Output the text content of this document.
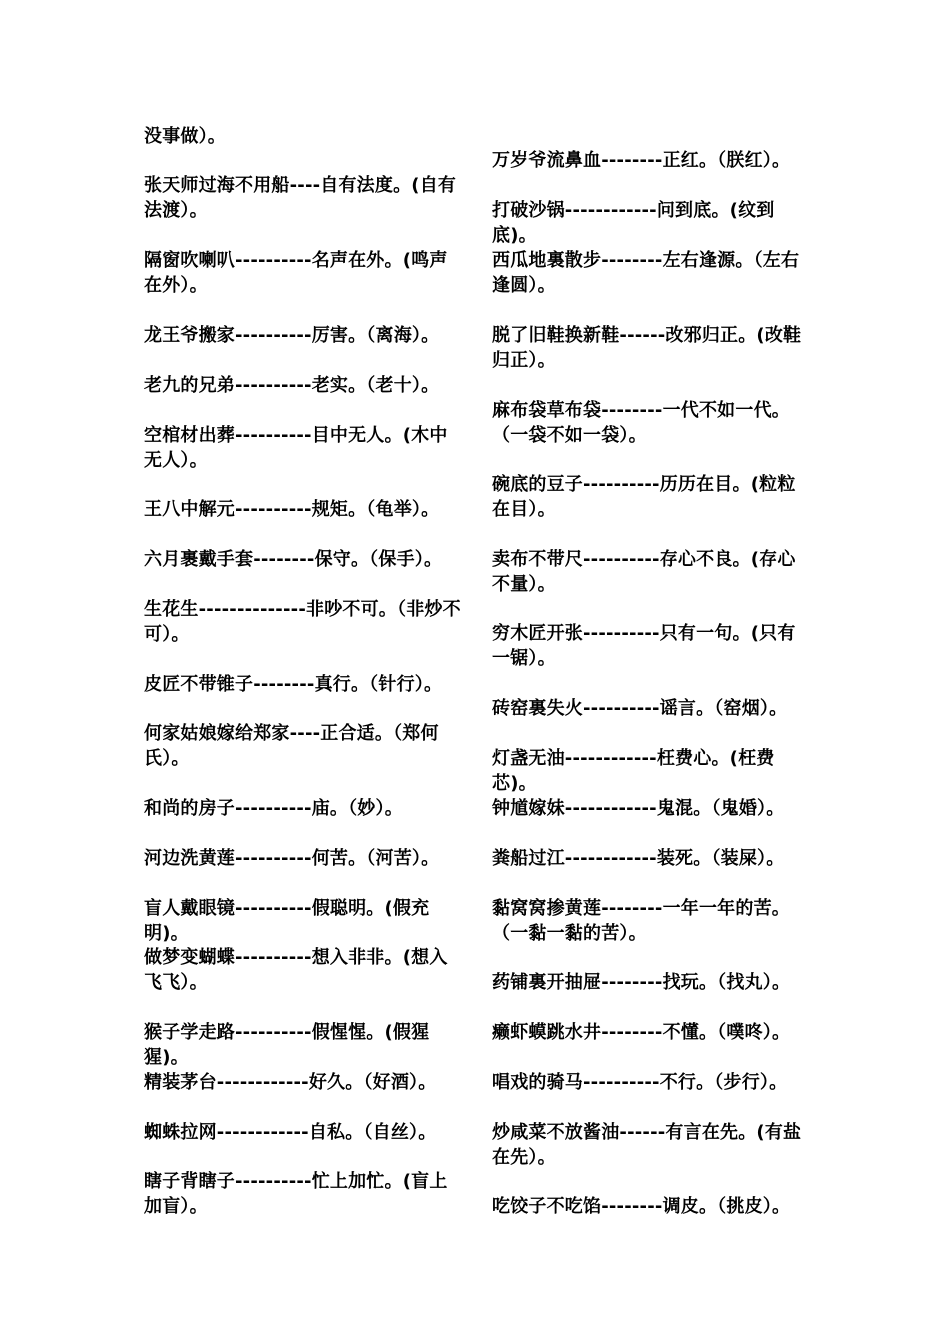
没事做）。

张天师过海不用船----自有法度。(自有法渡）。

隔窗吹喇叭----------名声在外。(鸣声在外）。

龙王爷搬家----------厉害。（离海）。

老九的兄弟----------老实。（老十）。

空棺材出葬----------目中无人。(木中无人）。

王八中解元----------规矩。（龟举）。

六月裹戴手套--------保守。（保手）。

生花生--------------非吵不可。（非炒不可）。

皮匠不带锥子--------真行。（针行）。

何家姑娘嫁给郑家----正合适。（郑何氏）。

和尚的房子----------庙。（妙）。

河边洗黄莲----------何苦。（河苦）。

盲人戴眼镜----------假聪明。(假充明)。

做梦变蝴蝶----------想入非非。(想入飞飞）。

猴子学走路----------假惺惺。(假猩猩)。

精装茅台------------好久。（好酒）。

蜘蛛拉网------------自私。（自丝）。

瞎子背瞎子----------忙上加忙。(盲上加盲）。

万岁爷流鼻血--------正红。（朕红）。

打破沙锅------------问到底。(纹到底)。

西瓜地裏散步--------左右逢源。（左右逢圆）。

脱了旧鞋换新鞋------改邪归正。(改鞋归正）。

麻布袋草布袋--------一代不如一代。（一袋不如一袋）。

碗底的豆子----------历历在目。(粒粒在目）。

卖布不带尺----------存心不良。(存心不量）。

穷木匠开张----------只有一句。(只有一锯）。

砖窑裏失火----------谣言。（窑烟）。

灯盏无油------------枉费心。(枉费芯)。

钟馗嫁妹------------鬼混。（鬼婚）。

粪船过江------------装死。（装屎）。

黏窝窝掺黄莲--------一年一年的苦。（一黏一黏的苦）。

药铺裏开抽屉--------找玩。（找丸）。

癞虾蟆跳水井--------不懂。（噗咚）。

唱戏的骑马----------不行。（步行）。

炒咸菜不放酱油------有言在先。(有盐在先）。

吃饺子不吃馅--------调皮。（挑皮）。
